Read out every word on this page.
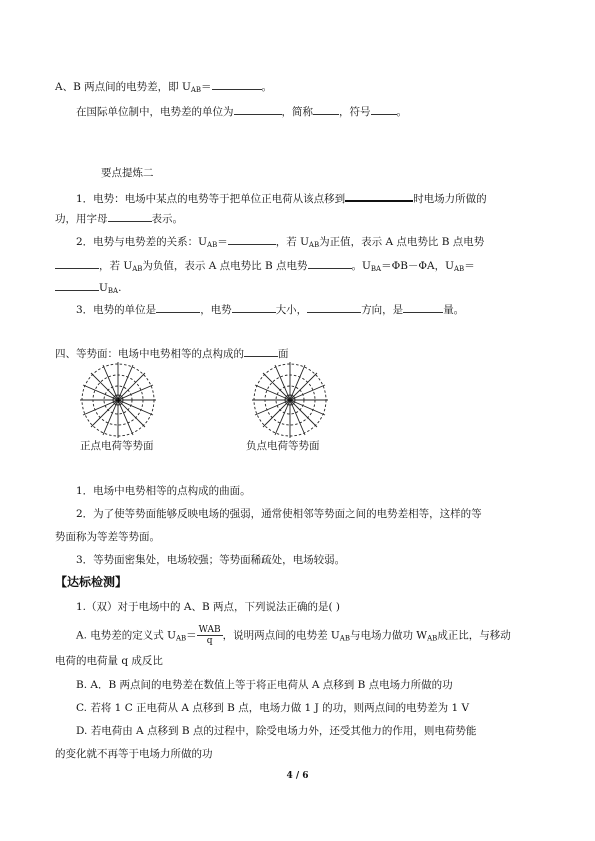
A、B 两点间的电势差，即 $U_{AB}=$	。
在国际单位制中，电势差的单位为	，简称 ，符号 。
要点提炼二
1．电势：电场中某点的电势等于把单位正电荷从该点移到	时电场力所做的
功，用字母	表示。
2．电势与电势差的关系：$U_{AB}=$	，若 $U_{AB}$为正值，表示 A 点电势比 B 点电势
，若 $U_{AB}$为负值，表示 A 点电势比 B 点电势	。$U_{BA}=\Phi B-\Phi A$，$U_{AB}=$
$U_{BA}$.
3．电势的单位是	，电势	大小，	方向，是	量。
四、等势面：电场中电势相等的点构成的	面
+
正点电荷等势面
−
负点电荷等势面
1．电场中电势相等的点构成的曲面。
2．为了使等势面能够反映电场的强弱，通常使相邻等势面之间的电势差相等，这样的等
势面称为等差等势面。
3．等势面密集处，电场较强；等势面稀疏处，电场较弱。
【达标检测】
1.（双）对于电场中的 A、B 两点，下列说法正确的是( )
A. 电势差的定义式 $U_{AB}= \frac{\text{WAB}}{q}$ ，说明两点间的电势差 $U_{AB}$与电场力做功 $W_{AB}$成正比，与移动
电荷的电荷量 q 成反比
B. A．B 两点间的电势差在数值上等于将正电荷从 A 点移到 B 点电场力所做的功
C. 若将 1 C 正电荷从 A 点移到 B 点，电场力做 1 J 的功，则两点间的电势差为 1 V
D. 若电荷由 A 点移到 B 点的过程中，除受电场力外，还受其他力的作用，则电荷势能
的变化就不再等于电场力所做的功
4 / 6
